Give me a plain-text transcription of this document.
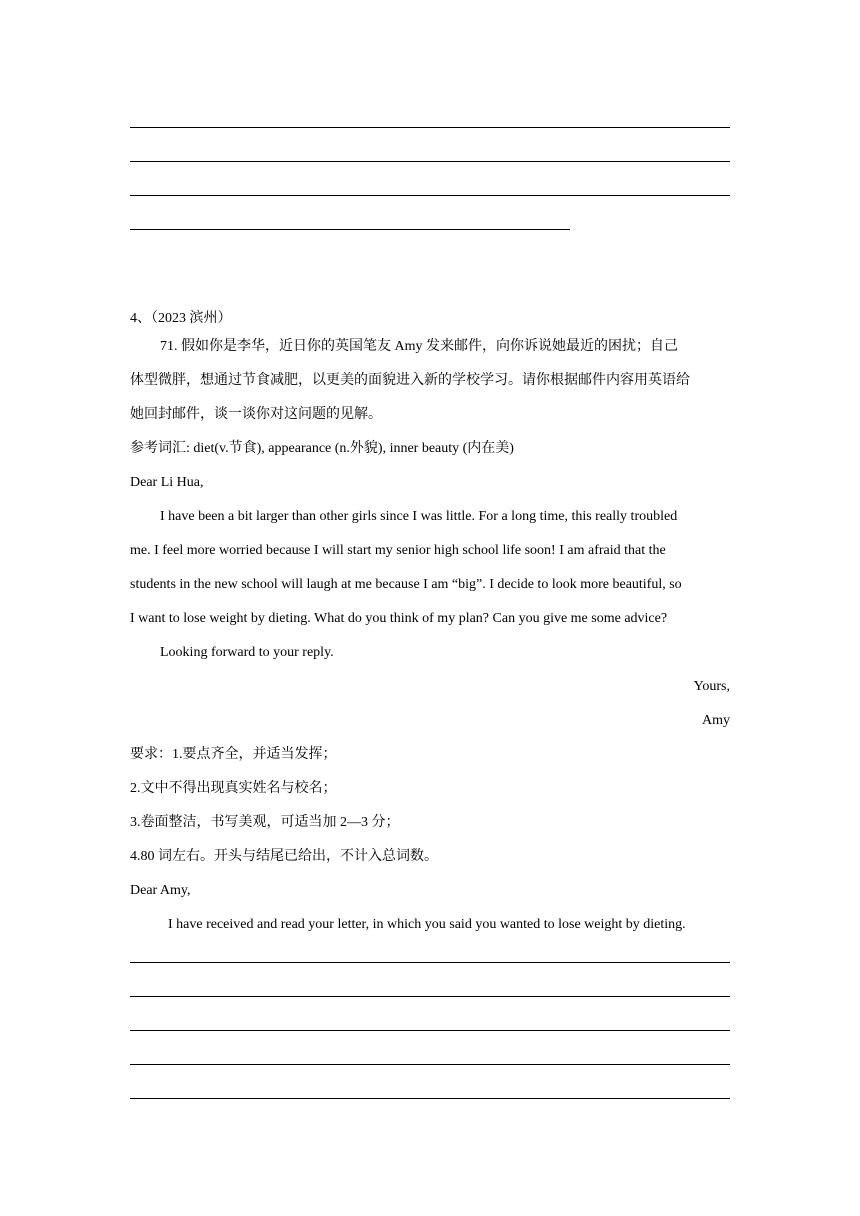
4、（2023 滨州）
71. 假如你是李华，近日你的英国笔友 Amy 发来邮件，向你诉说她最近的困扰；自己
体型微胖，想通过节食减肥，以更美的面貌进入新的学校学习。请你根据邮件内容用英语给
她回封邮件，谈一谈你对这问题的见解。
参考词汇: diet(v.节食), appearance (n.外貌), inner beauty (内在美)
Dear Li Hua,
I have been a bit larger than other girls since I was little. For a long time, this really troubled
me. I feel more worried because I will start my senior high school life soon! I am afraid that the
students in the new school will laugh at me because I am “big”. I decide to look more beautiful, so
I want to lose weight by dieting. What do you think of my plan? Can you give me some advice?
Looking forward to your reply.
Yours,
Amy
要求：1.要点齐全，并适当发挥；
2.文中不得出现真实姓名与校名；
3.卷面整洁，书写美观，可适当加 2—3 分；
4.80 词左右。开头与结尾已给出，不计入总词数。
Dear Amy,
I have received and read your letter, in which you said you wanted to lose weight by dieting.
